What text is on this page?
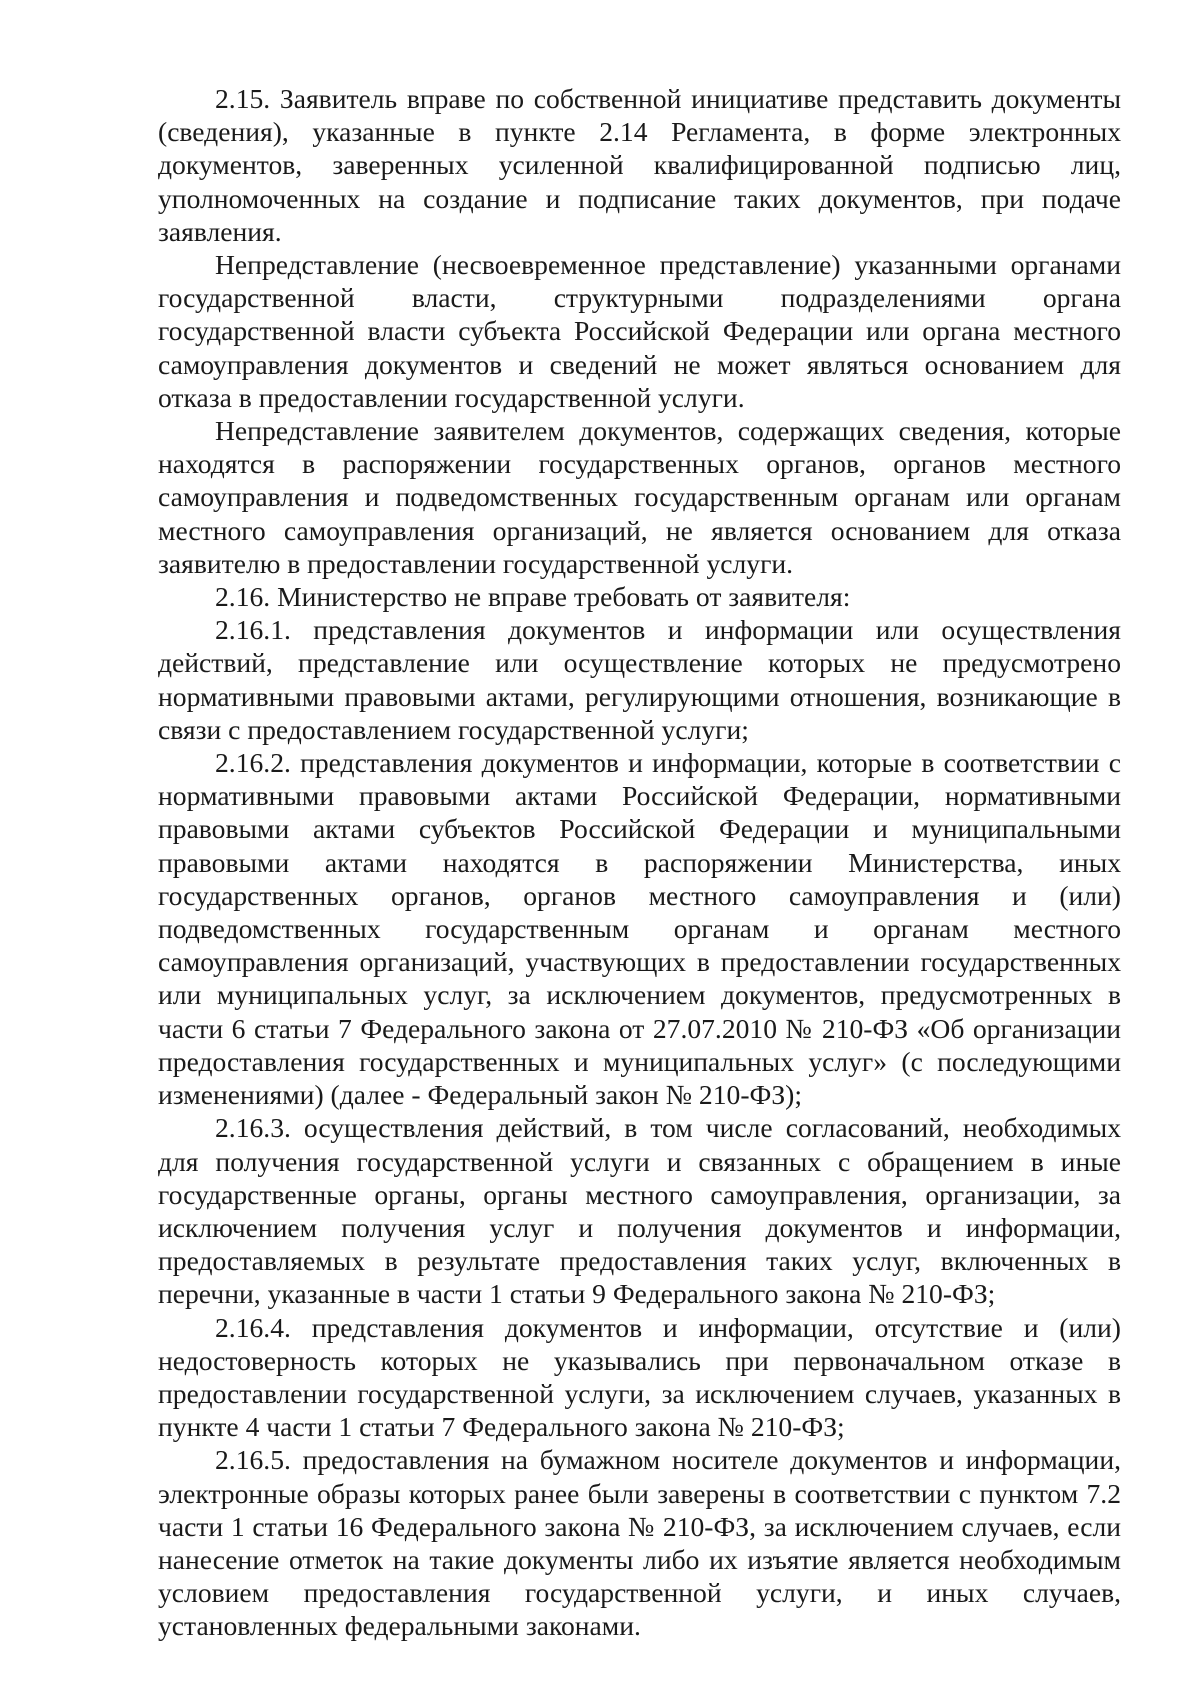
2.15. Заявитель вправе по собственной инициативе представить документы (сведения), указанные в пункте 2.14 Регламента, в форме электронных документов, заверенных усиленной квалифицированной подписью лиц, уполномоченных на создание и подписание таких документов, при подаче заявления.

Непредставление (несвоевременное представление) указанными органами государственной власти, структурными подразделениями органа государственной власти субъекта Российской Федерации или органа местного самоуправления документов и сведений не может являться основанием для отказа в предоставлении государственной услуги.

Непредставление заявителем документов, содержащих сведения, которые находятся в распоряжении государственных органов, органов местного самоуправления и подведомственных государственным органам или органам местного самоуправления организаций, не является основанием для отказа заявителю в предоставлении государственной услуги.

2.16. Министерство не вправе требовать от заявителя:

2.16.1. представления документов и информации или осуществления действий, представление или осуществление которых не предусмотрено нормативными правовыми актами, регулирующими отношения, возникающие в связи с предоставлением государственной услуги;

2.16.2. представления документов и информации, которые в соответствии с нормативными правовыми актами Российской Федерации, нормативными правовыми актами субъектов Российской Федерации и муниципальными правовыми актами находятся в распоряжении Министерства, иных государственных органов, органов местного самоуправления и (или) подведомственных государственным органам и органам местного самоуправления организаций, участвующих в предоставлении государственных или муниципальных услуг, за исключением документов, предусмотренных в части 6 статьи 7 Федерального закона от 27.07.2010 № 210-ФЗ «Об организации предоставления государственных и муниципальных услуг» (с последующими изменениями) (далее - Федеральный закон № 210-ФЗ);

2.16.3. осуществления действий, в том числе согласований, необходимых для получения государственной услуги и связанных с обращением в иные государственные органы, органы местного самоуправления, организации, за исключением получения услуг и получения документов и информации, предоставляемых в результате предоставления таких услуг, включенных в перечни, указанные в части 1 статьи 9 Федерального закона № 210-ФЗ;

2.16.4. представления документов и информации, отсутствие и (или) недостоверность которых не указывались при первоначальном отказе в предоставлении государственной услуги, за исключением случаев, указанных в пункте 4 части 1 статьи 7 Федерального закона № 210-ФЗ;

2.16.5. предоставления на бумажном носителе документов и информации, электронные образы которых ранее были заверены в соответствии с пунктом 7.2 части 1 статьи 16 Федерального закона № 210-ФЗ, за исключением случаев, если нанесение отметок на такие документы либо их изъятие является необходимым условием предоставления государственной услуги, и иных случаев, установленных федеральными законами.
